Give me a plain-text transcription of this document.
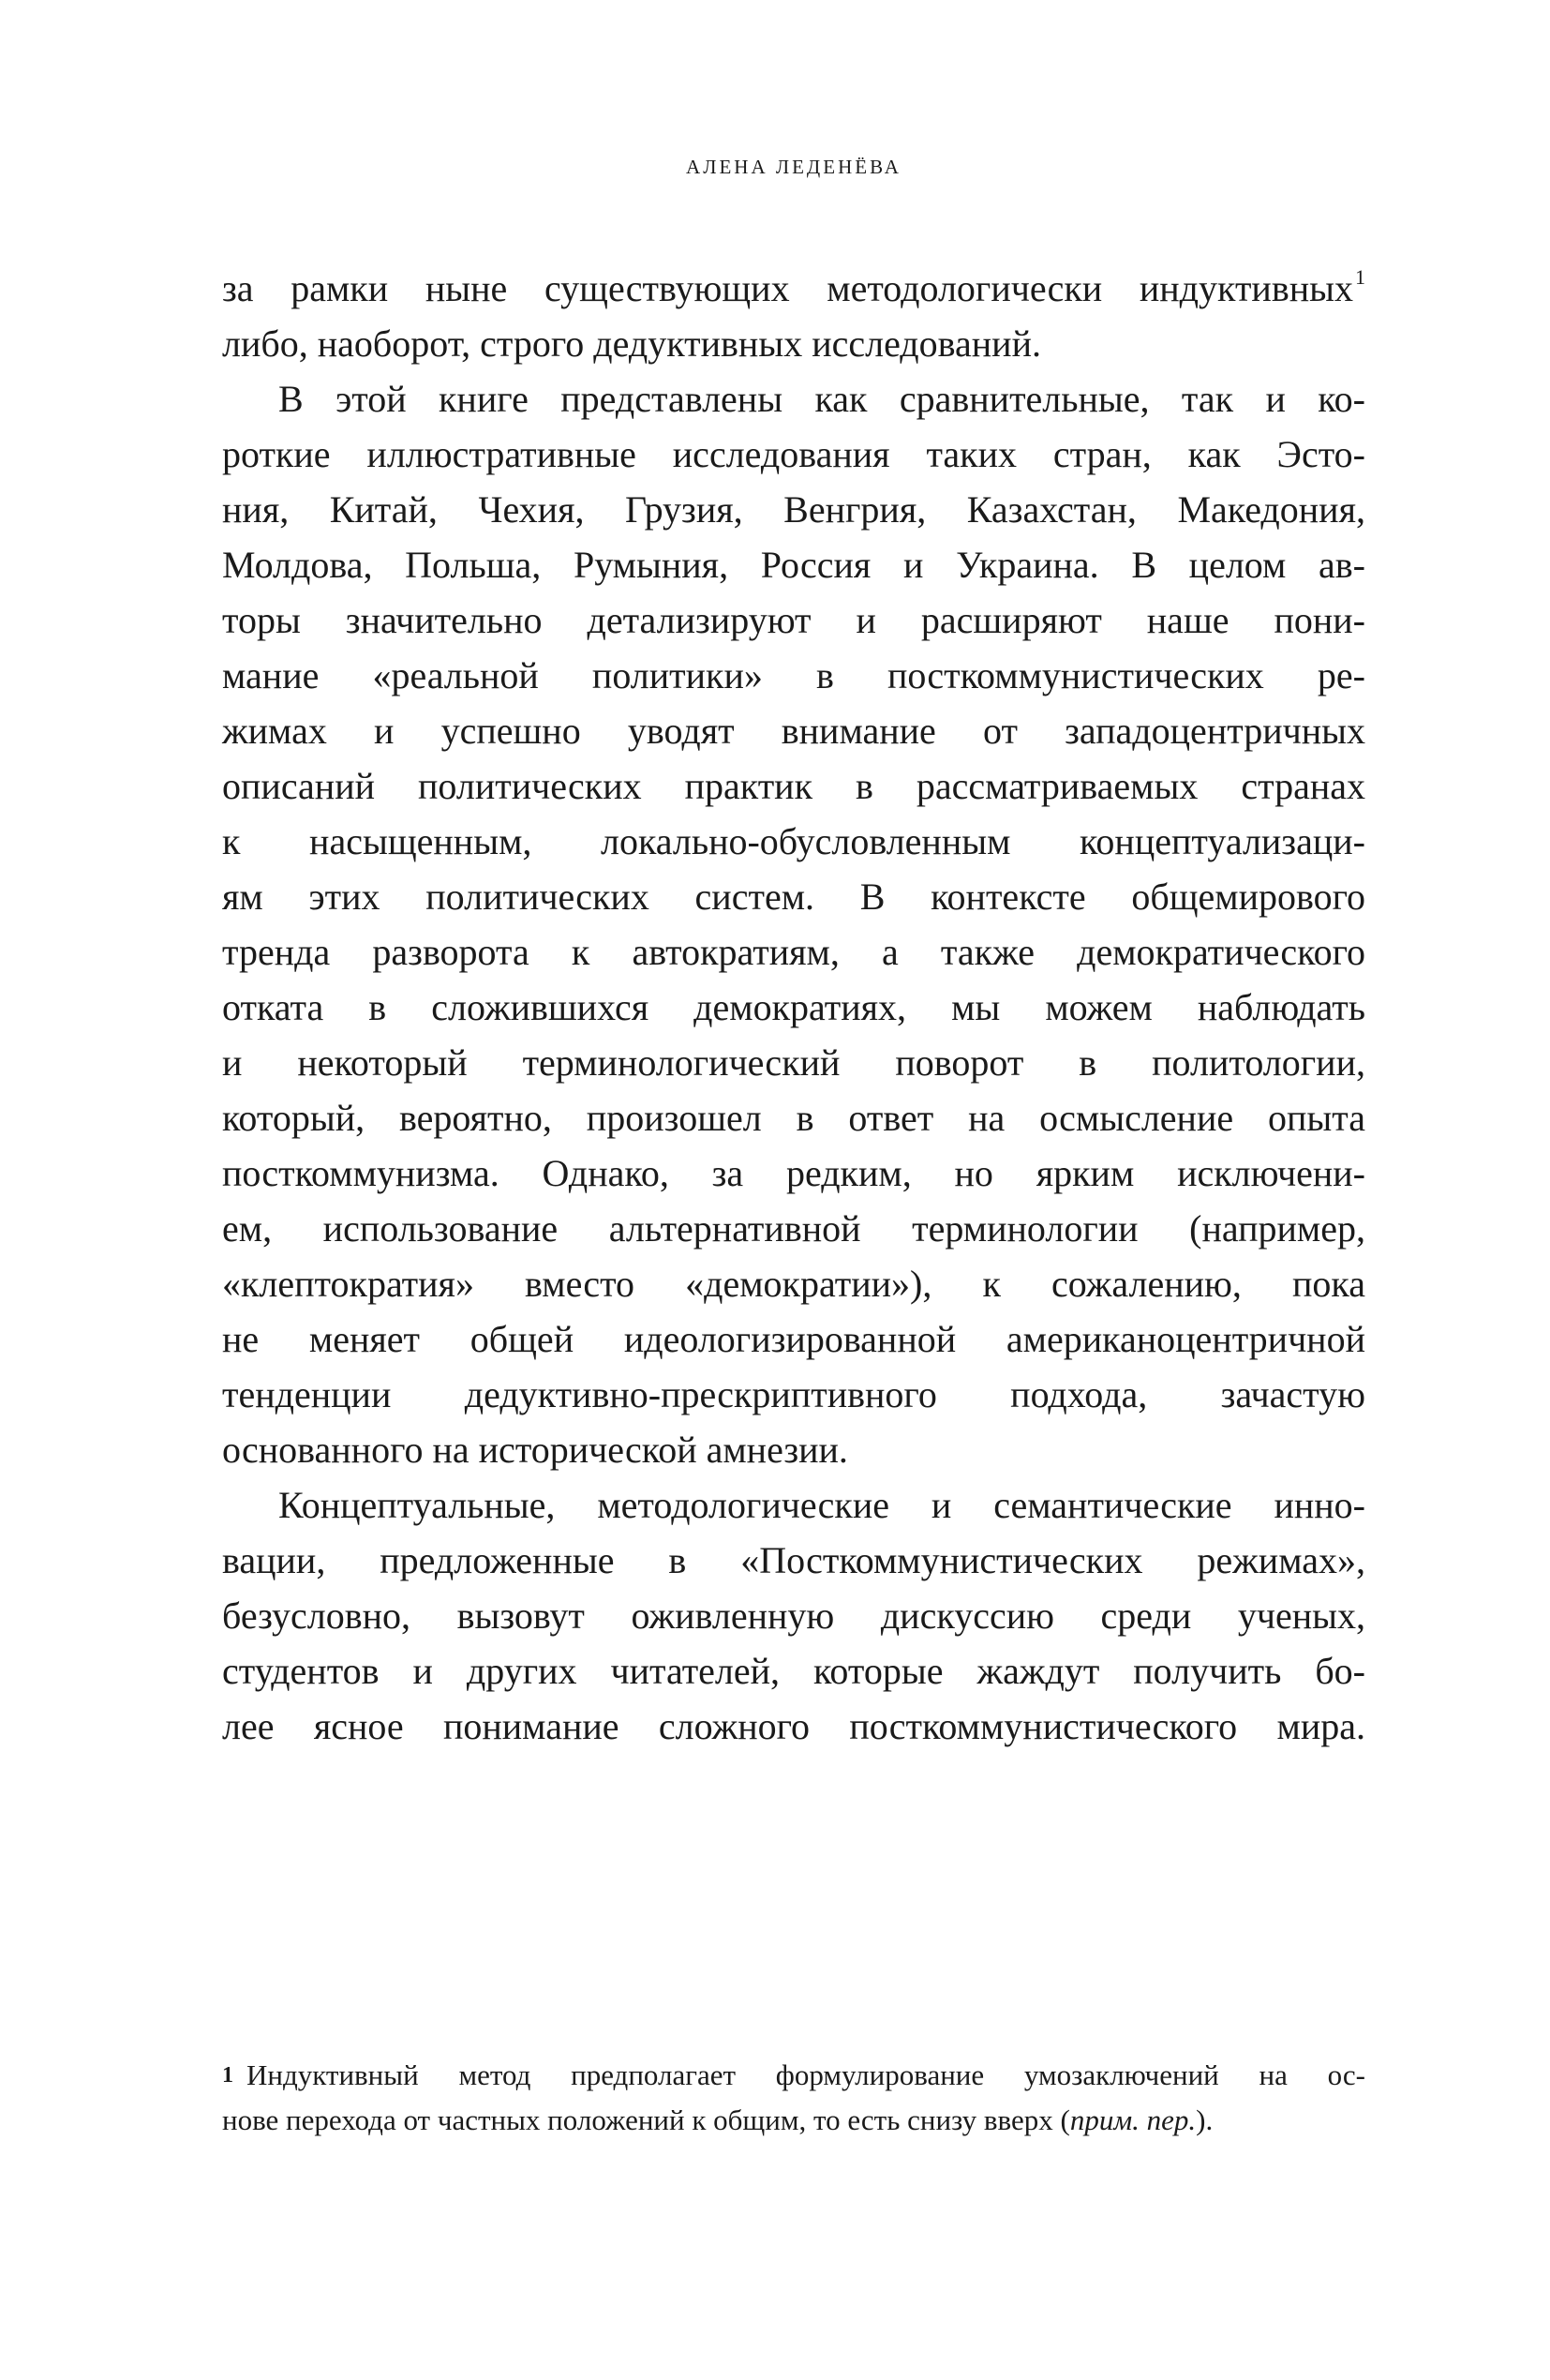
АЛЕНА ЛЕДЕНЁВА
за рамки ныне существующих методологически индуктивных$^1$
либо, наоборот, строго дедуктивных исследований.
В этой книге представлены как сравнительные, так и ко-
роткие иллюстративные исследования таких стран, как Эсто-
ния, Китай, Чехия, Грузия, Венгрия, Казахстан, Македония,
Молдова, Польша, Румыния, Россия и Украина. В целом ав-
торы значительно детализируют и расширяют наше пони-
мание «реальной политики» в посткоммунистических ре-
жимах и успешно уводят внимание от западоцентричных
описаний политических практик в рассматриваемых странах
к насыщенным, локально-обусловленным концептуализаци-
ям этих политических систем. В контексте общемирового
тренда разворота к автократиям, а также демократического
отката в сложившихся демократиях, мы можем наблюдать
и некоторый терминологический поворот в политологии,
который, вероятно, произошел в ответ на осмысление опыта
посткоммунизма. Однако, за редким, но ярким исключени-
ем, использование альтернативной терминологии (например,
«клептократия» вместо «демократии»), к сожалению, пока
не меняет общей идеологизированной американоцентричной
тенденции дедуктивно-прескриптивного подхода, зачастую
основанного на исторической амнезии.
Концептуальные, методологические и семантические инно-
вации, предложенные в «Посткоммунистических режимах»,
безусловно, вызовут оживленную дискуссию среди ученых,
студентов и других читателей, которые жаждут получить бо-
лее ясное понимание сложного посткоммунистического мира.
1 Индуктивный метод предполагает формулирование умозаключений на ос-
нове перехода от частных положений к общим, то есть снизу вверх (прим. пер.).
